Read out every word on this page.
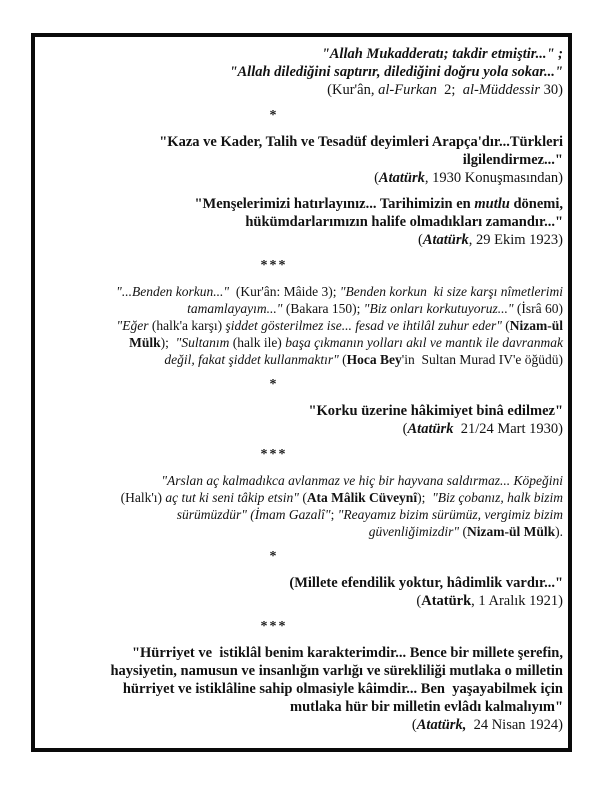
"Allah Mukadderatı; takdir etmiştir..." ;
"Allah dilediğini saptırır, dilediğini doğru yola sokar..."
(Kur'ân, al-Furkan  2;  al-Müddessir 30)
*
"Kaza ve Kader, Talih ve Tesadüf deyimleri Arapça'dır...Türkleri
ilgilendirmez..."
(Atatürk, 1930 Konuşmasından)
"Menşelerimizi hatırlayınız... Tarihimizin en mutlu dönemi,
hükümdarlarımızın halife olmadıkları zamandır..."
(Atatürk, 29 Ekim 1923)
***
"...Benden korkun..."  (Kur'ân: Mâide 3); "Benden korkun  ki size karşı nîmetlerimi
tamamlayayım..." (Bakara 150); "Biz onları korkutuyoruz..." (İsrâ 60)
"Eğer (halk'a karşı) şiddet gösterilmez ise... fesad ve ihtilâl zuhur eder" (Nizam-ül
Mülk);  "Sultanım (halk ile) başa çıkmanın yolları akıl ve mantık ile davranmak
değil, fakat şiddet kullanmaktır" (Hoca Bey'in  Sultan Murad IV'e öğüdü)
*
"Korku üzerine hâkimiyet binâ edilmez"
(Atatürk  21/24 Mart 1930)
***
"Arslan aç kalmadıkca avlanmaz ve hiç bir hayvana saldırmaz... Köpeğini
(Halk'ı) aç tut ki seni tâkip etsin" (Ata Mâlik Cüveynî);  "Biz çobanız, halk bizim
sürümüzdür" (İmam Gazalî"; "Reayamız bizim sürümüz, vergimiz bizim
güvenliğimizdir" (Nizam-ül Mülk).
*
(Millete efendilik yoktur, hâdimlik vardır..."
(Atatürk, 1 Aralık 1921)
***
"Hürriyet ve  istiklâl benim karakterimdir... Bence bir millete şerefin,
haysiyetin, namusun ve insanlığın varlığı ve sürekliliği mutlaka o milletin
hürriyet ve istiklâline sahip olmasiyle kâimdir... Ben  yaşayabilmek için
mutlaka hür bir milletin evlâdı kalmalıyım"
(Atatürk,  24 Nisan 1924)
